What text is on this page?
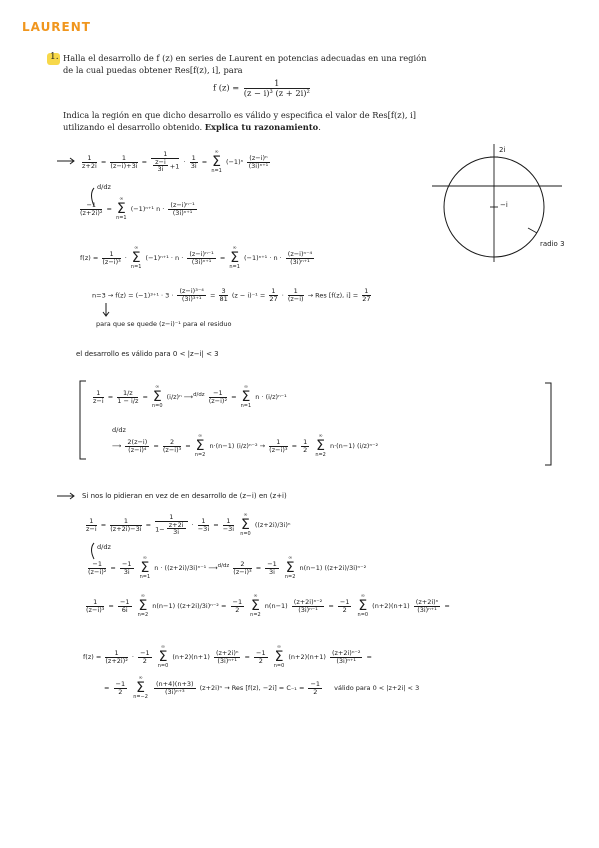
LAURENT
1. Halla el desarrollo de f (z) en series de Laurent en potencias adecuadas en una región
de la cual puedas obtener Res[f(z), i], para
f $(z) = \frac{1}{\text{(z − i)³ (z + 2i)²}}$
Indica la región en que dicho desarrollo es válido y especifica el valor de Res[f(z), i]
utilizando el desarrollo obtenido. Explica tu razonamiento.
2i
−i
radio 3
$\frac{1}{z+2i} = \frac{1}{(z-i)+3i} = \frac{1}{\frac{z-i}{3i} +1} \cdot \frac{1}{3i}$ =
∞
Σ
n=1
$(-1)^n \frac{\text{(z−i)ⁿ}}{\text{(3i)ⁿ⁺¹}}$
d/dz
$\frac{-1}{\text{(z+2i)²}}$ =
∞
Σ
n=1
(−1)ⁿ⁺¹ $n \cdot \frac{\text{(z−i)ⁿ⁻¹}}{\text{(3i)ⁿ⁺¹}}$
$f(z) = \frac{1}{\text{(z−i)³}}$ ·
∞
Σ
n=1
$(-1)^{n+1} \cdot n \cdot \frac{\text{(z−i)ⁿ⁻¹}}{\text{(3i)ⁿ⁺¹}}$ =
∞
Σ
n=1
$(-1)^{n+1} \cdot n \cdot \frac{\text{(z−i)ⁿ⁻⁴}}{\text{(3i)ⁿ⁺¹}}$
$n=3 \to f(z) = (-1)^{3+1} \cdot 3 \cdot \frac{\text{(z−i)³⁻⁴}}{\text{(3i)³⁺¹}} = \frac{3}{81} (z - i)^{-1} = \frac{1}{27} \cdot \frac{1}{(z-i)}$ → Res [f(z), $i] = \frac{1}{27}$
para que se quede (z−i)⁻¹ para el residuo
el desarrollo es válido para 0 < |z−i| < 3
$\frac{1}{z-i} = \frac{1/z}{1 - i/z}$ =
∞
Σ
n=0
(i/z)ⁿ ⟶$^{d/dz}$ $\frac{-1}{\text{(z−i)²}}$ =
∞
Σ
n=1
n · (i/z)ⁿ⁻¹
d/dz
⟶ $\frac{2(z-i)}{\text{(z−i)⁴}} = \frac{2}{\text{(z−i)³}}$ =
∞
Σ
n=2
n·(n−1) $(i/z)^{n-2} \to \frac{1}{\text{(z−i)³}} = \frac{1}{2}$

∞
Σ
n=2
n·(n−1) (i/z)ⁿ⁻²
Si nos lo pidieran en vez de en desarrollo de (z−i) en (z+i)
$\frac{1}{z-i} = \frac{1}{(z+2i)-3i} = \frac{1}{1- \frac{z+2i}{3i}} \cdot \frac{1}{-3i} = \frac{1}{-3i}$

∞
Σ
n=0
((z+2i)/3i)ⁿ
d/dz
$\frac{-1}{\text{(z−i)²}} = \frac{-1}{3i}$

∞
Σ
n=1
n · ((z+2i)/3i)ⁿ⁻¹ ⟶$^{d/dz}$ $\frac{2}{\text{(z−i)³}} = \frac{-1}{3i}$

∞
Σ
n=2
n(n−1) ((z+2i)/3i)ⁿ⁻²
$\frac{1}{\text{(z−i)³}} = \frac{-1}{6i}$

∞
Σ
n=2
n(n−1) $((z+2i)/3i)^{n-2} = \frac{-1}{2}$

∞
Σ
n=2
$n(n-1) \frac{\text{(z+2i)ⁿ⁻²}}{\text{(3i)ⁿ⁻¹}} = \frac{-1}{2}$

∞
Σ
n=0
$(n+2)(n+1) \frac{\text{(z+2i)ⁿ}}{\text{(3i)ⁿ⁺¹}}$ =
$f(z) = \frac{1}{\text{(z+2i)²}} \cdot \frac{-1}{2}$

∞
Σ
n=0
$(n+2)(n+1) \frac{\text{(z+2i)ⁿ}}{\text{(3i)ⁿ⁺¹}} = \frac{-1}{2}$

∞
Σ
n=0
$(n+2)(n+1) \frac{\text{(z+2i)ⁿ⁻²}}{\text{(3i)ⁿ⁺¹}}$ =
= $\frac{-1}{2}$

∞
Σ
n=−2

$\frac{(n+4)(n+3)}{\text{(3i)ⁿ⁺³}} (z+2i)^n$ → Res [f(z), $-2i] = C_{-1} = \frac{-1}{2}$ válido para 0 < |z+2i| < 3
